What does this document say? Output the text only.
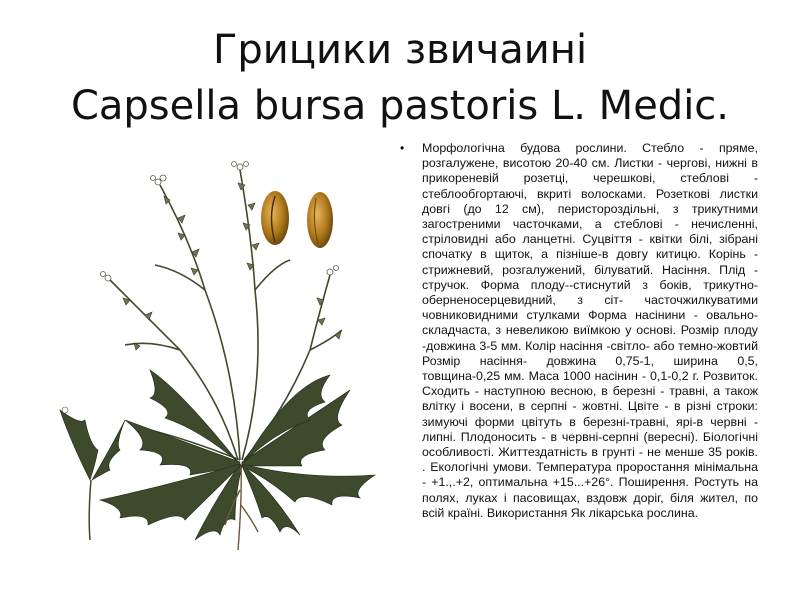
Грицики звичаині
Capsella bursa pastoris L. Medic.
•	Морфологічна будова рослини. Стебло - пряме, розгалужене, висотою 20-40 см. Листки - чергові, нижні в прикореневій розетці, черешкові, стеблові - стеблообгортаючі, вкриті волосками. Розеткові листки довгі (до 12 см), перистороздільні, з трикутними загостреними часточками, а стеблові - нечисленні, стріловидні або ланцетні. Суцвіття - квітки білі, зібрані спочатку в щиток, а пізніше-в довгу китицю. Корінь - стрижневий, розгалужений, білуватий. Насіння. Плід - стручок. Форма плоду--стиснутий з боків, трикутно-оберненосерцевидний, з сіт- часточжилкуватими човниковидними стулками Форма насінини - овально-складчаста, з невеликою виїмкою у основі. Розмір плоду -довжина 3-5 мм. Колір насіння -світло- або темно-жовтий Розмір насіння- довжина 0,75-1, ширина 0,5, товщина-0,25 мм. Маса 1000 насінин - 0,1-0,2 г. Розвиток. Сходить - наступною весною, в березні - травні, а також влітку і восени, в серпні - жовтні. Цвіте - в різні строки: зимуючі форми цвітуть в березні-травні, ярі-в червні - липні. Плодоносить - в червні-серпні (вересні). Біологічні особливості. Життездатність в грунті - не менше 35 років. . Екологічні умови. Температура проростання мінімальна - +1.,.+2, оптимальна +15...+26°. Поширення. Ростуть на полях, луках і пасовищах, вздовж доріг, біля жител, по всій країні. Використання Як лікарська рослина.
